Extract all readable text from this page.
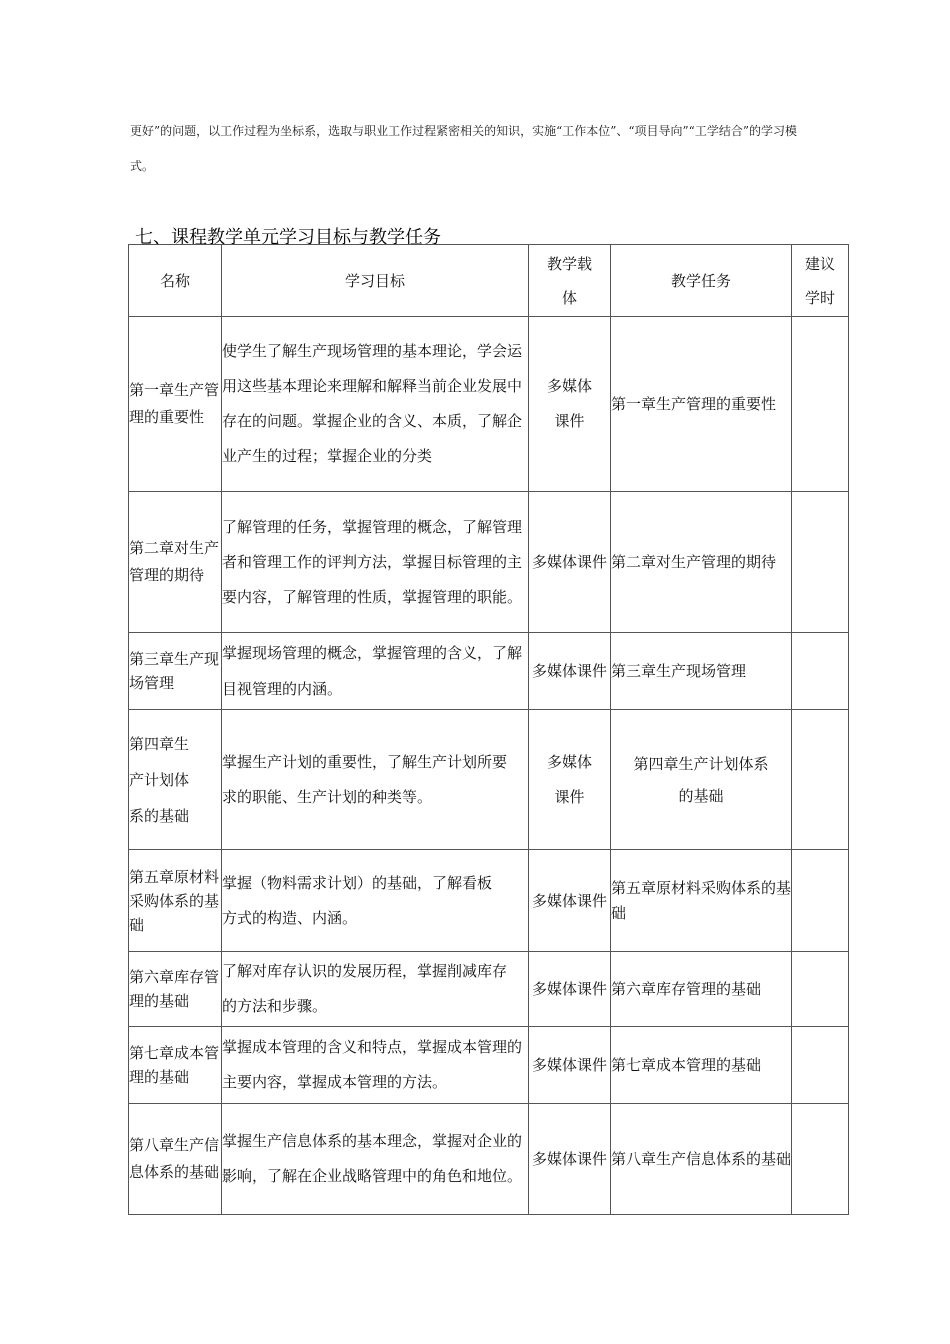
更好”的问题，以工作过程为坐标系，选取与职业工作过程紧密相关的知识，实施“工作本位”、“项目导向”“工学结合”的学习模
式。
七、课程教学单元学习目标与教学任务
名称	学习目标	教学载体	教学任务	建议学时
第一章生产管理的重要性	使学生了解生产现场管理的基本理论，学会运用这些基本理论来理解和解释当前企业发展中存在的问题。掌握企业的含义、本质，了解企业产生的过程；掌握企业的分类	多媒体课件	第一章生产管理的重要性	
第二章对生产管理的期待	了解管理的任务，掌握管理的概念，了解管理者和管理工作的评判方法，掌握目标管理的主要内容，了解管理的性质，掌握管理的职能。	多媒体课件	第二章对生产管理的期待	
第三章生产现场管理	掌握现场管理的概念，掌握管理的含义，了解目视管理的内涵。	多媒体课件	第三章生产现场管理	
第四章生产计划体系的基础	掌握生产计划的重要性，了解生产计划所要求的职能、生产计划的种类等。	多媒体课件	第四章生产计划体系的基础	
第五章原材料采购体系的基础	掌握（物料需求计划）的基础，了解看板方式的构造、内涵。	多媒体课件	第五章原材料采购体系的基础	
第六章库存管理的基础	了解对库存认识的发展历程，掌握削减库存的方法和步骤。	多媒体课件	第六章库存管理的基础	
第七章成本管理的基础	掌握成本管理的含义和特点，掌握成本管理的主要内容，掌握成本管理的方法。	多媒体课件	第七章成本管理的基础	
第八章生产信息体系的基础	掌握生产信息体系的基本理念，掌握对企业的影响，了解在企业战略管理中的角色和地位。	多媒体课件	第八章生产信息体系的基础	
